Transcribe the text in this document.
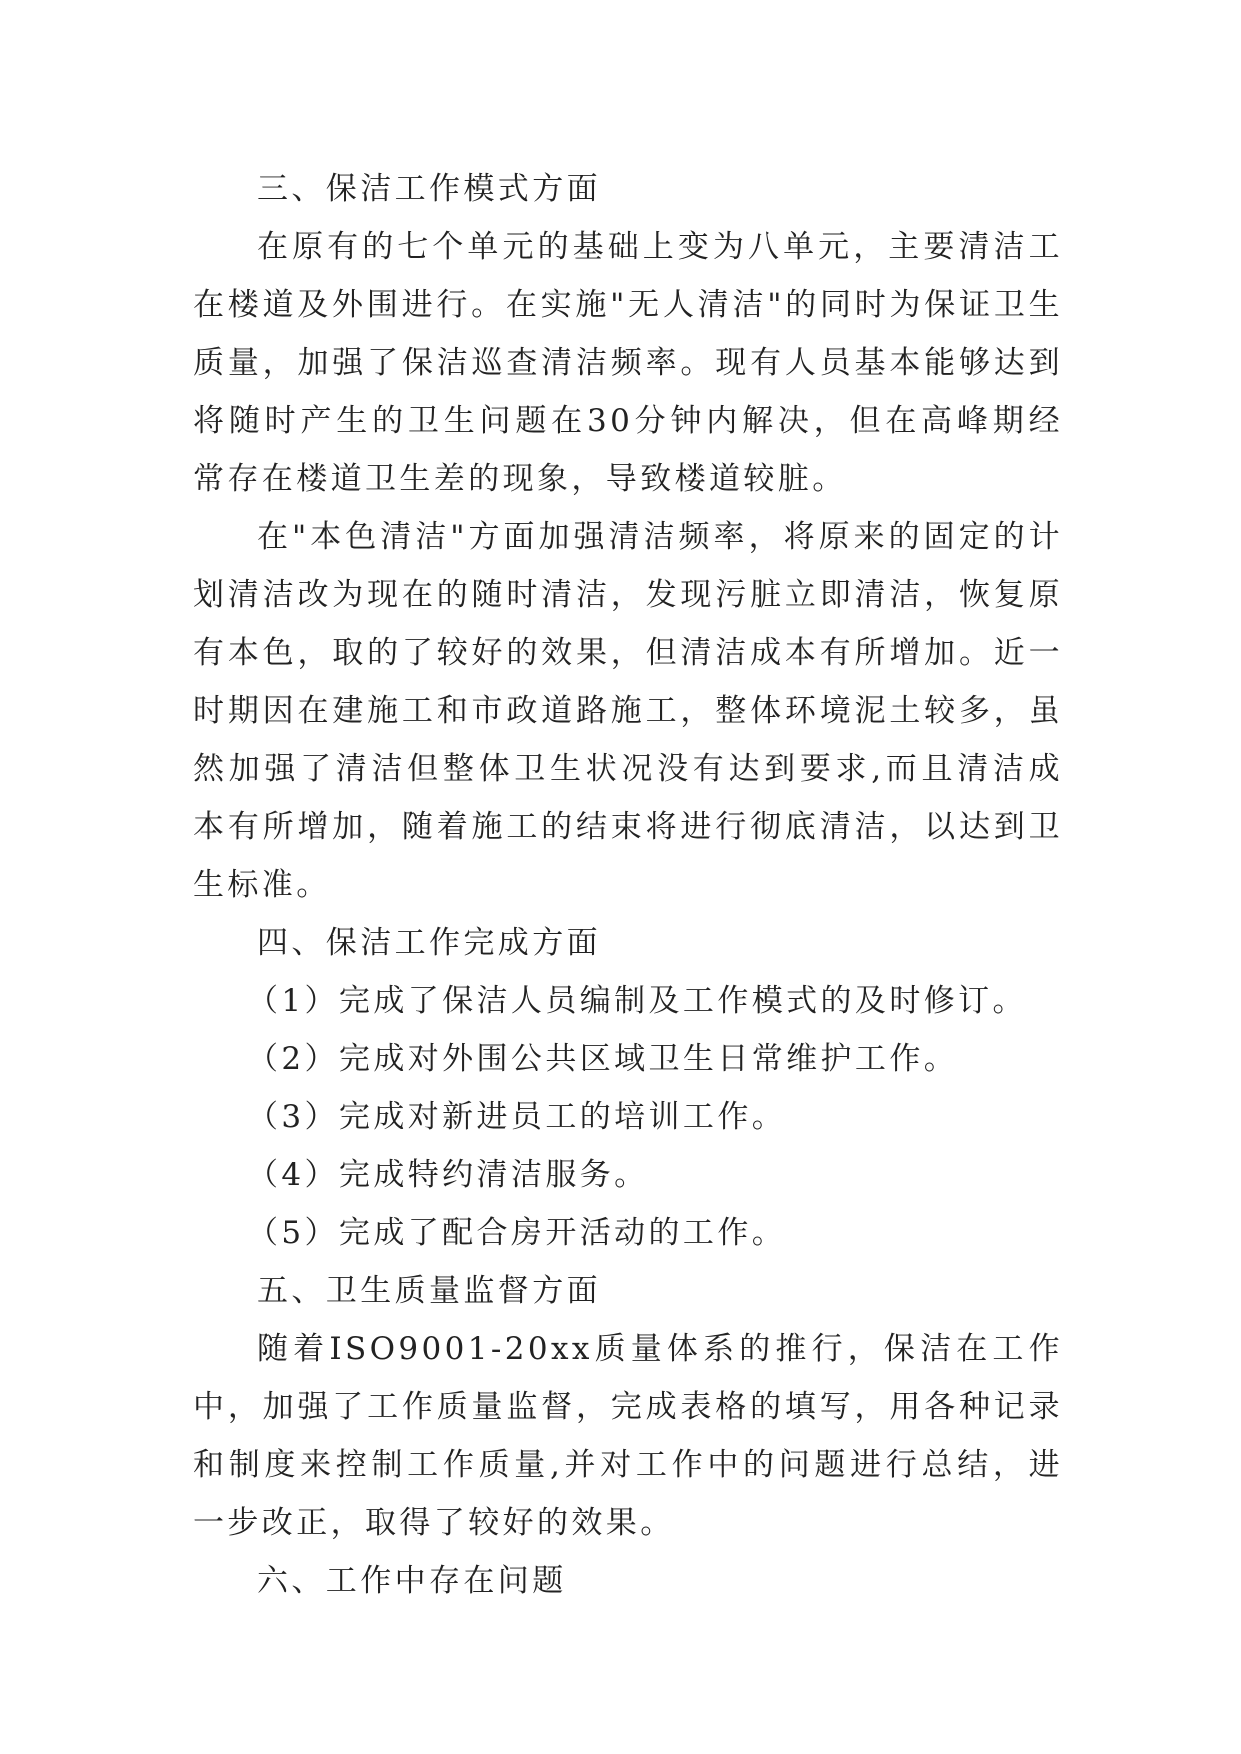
三、保洁工作模式方面

在原有的七个单元的基础上变为八单元，主要清洁工在楼道及外围进行。在实施"无人清洁"的同时为保证卫生质量，加强了保洁巡查清洁频率。现有人员基本能够达到将随时产生的卫生问题在30分钟内解决，但在高峰期经常存在楼道卫生差的现象，导致楼道较脏。

在"本色清洁"方面加强清洁频率，将原来的固定的计划清洁改为现在的随时清洁，发现污脏立即清洁，恢复原有本色，取的了较好的效果，但清洁成本有所增加。近一时期因在建施工和市政道路施工，整体环境泥土较多，虽然加强了清洁但整体卫生状况没有达到要求,而且清洁成本有所增加，随着施工的结束将进行彻底清洁，以达到卫生标准。

四、保洁工作完成方面

（1）完成了保洁人员编制及工作模式的及时修订。

（2）完成对外围公共区域卫生日常维护工作。

（3）完成对新进员工的培训工作。

（4）完成特约清洁服务。

（5）完成了配合房开活动的工作。

五、卫生质量监督方面

随着ISO9001-20xx质量体系的推行，保洁在工作中，加强了工作质量监督，完成表格的填写，用各种记录和制度来控制工作质量,并对工作中的问题进行总结，进一步改正，取得了较好的效果。

六、工作中存在问题
